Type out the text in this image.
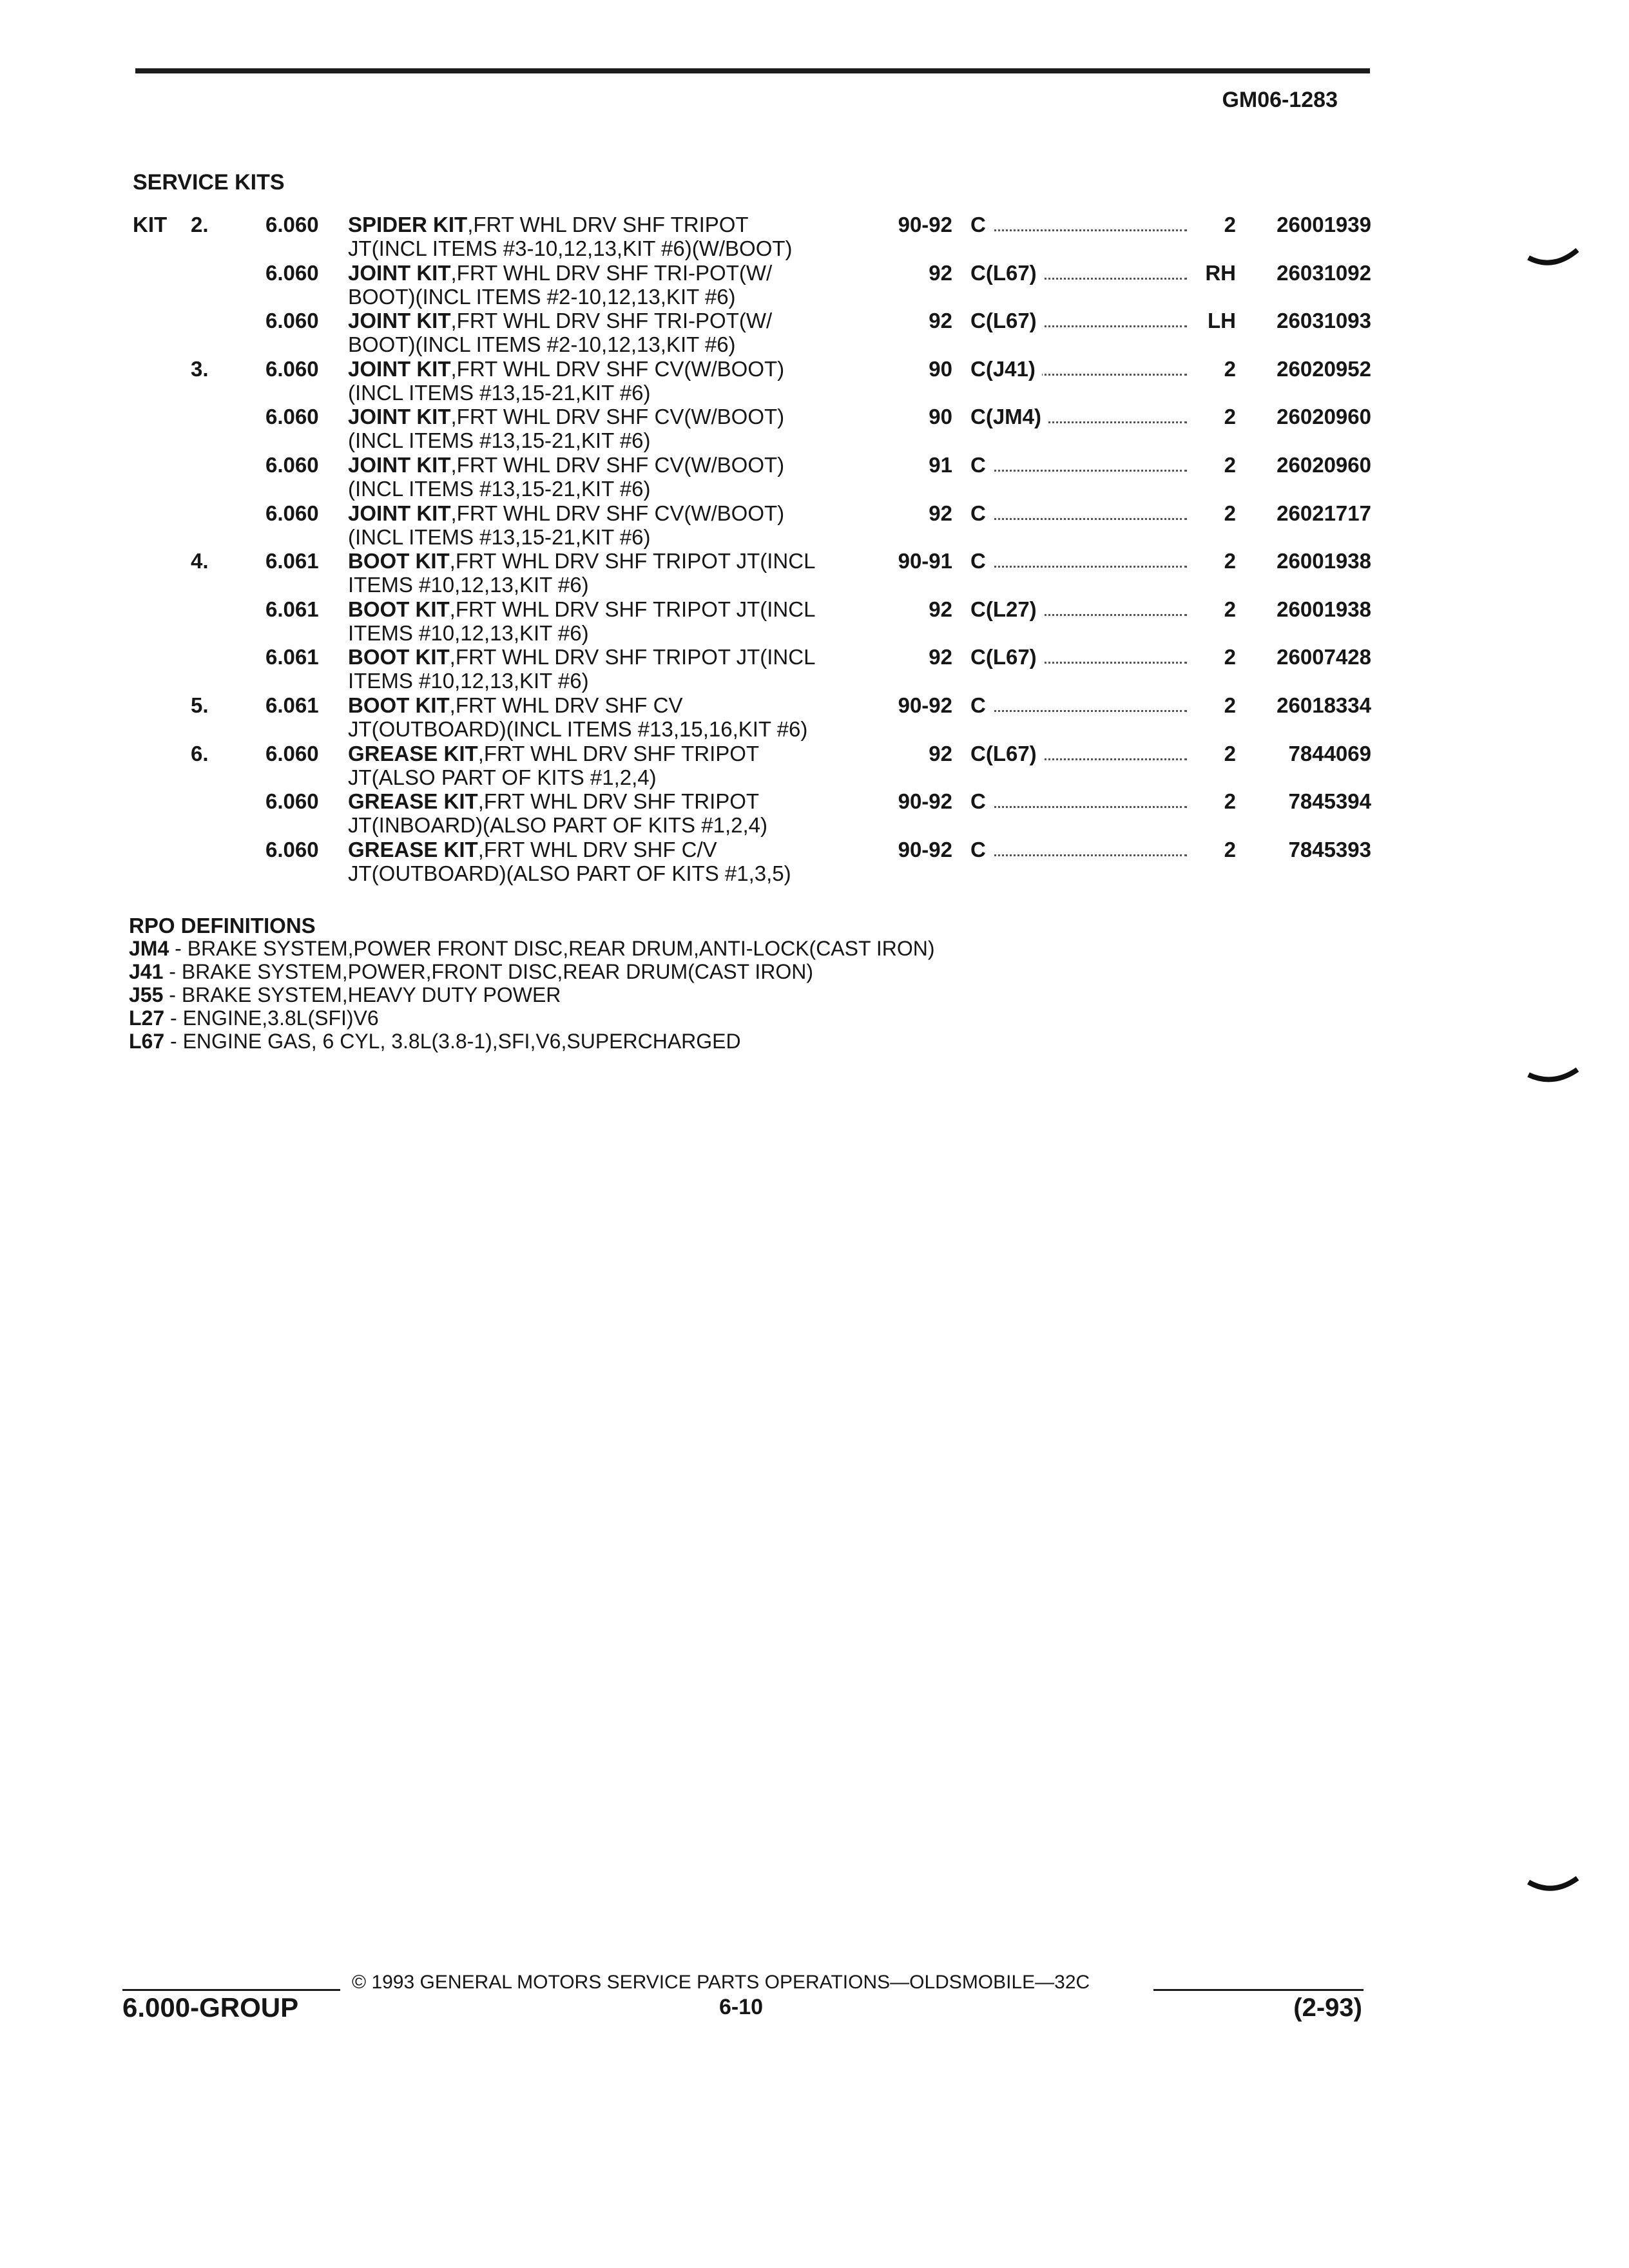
GM06-1283
SERVICE KITS
KIT 2.	6.060 SPIDER KIT,FRT WHL DRV SHF TRIPOT
JT(INCL ITEMS #3-10,12,13,KIT #6)(W/BOOT)
90-92 C	2 26001939
6.060 JOINT KIT,FRT WHL DRV SHF TRI-POT(W/
BOOT)(INCL ITEMS #2-10,12,13,KIT #6)
92 C(L67)	RH 26031092
6.060 JOINT KIT,FRT WHL DRV SHF TRI-POT(W/
BOOT)(INCL ITEMS #2-10,12,13,KIT #6)
92 C(L67)	LH 26031093
3.	6.060 JOINT KIT,FRT WHL DRV SHF CV(W/BOOT)
(INCL ITEMS #13,15-21,KIT #6)
90 C(J41)	2 26020952
6.060 JOINT KIT,FRT WHL DRV SHF CV(W/BOOT)
(INCL ITEMS #13,15-21,KIT #6)
90 C(JM4)	2 26020960
6.060 JOINT KIT,FRT WHL DRV SHF CV(W/BOOT)
(INCL ITEMS #13,15-21,KIT #6)
91 C	2 26020960
6.060 JOINT KIT,FRT WHL DRV SHF CV(W/BOOT)
(INCL ITEMS #13,15-21,KIT #6)
92 C	2 26021717
4.	6.061 BOOT KIT,FRT WHL DRV SHF TRIPOT JT(INCL
ITEMS #10,12,13,KIT #6)
90-91 C	2 26001938
6.061 BOOT KIT,FRT WHL DRV SHF TRIPOT JT(INCL
ITEMS #10,12,13,KIT #6)
92 C(L27)	2 26001938
6.061 BOOT KIT,FRT WHL DRV SHF TRIPOT JT(INCL
ITEMS #10,12,13,KIT #6)
92 C(L67)	2 26007428
5.	6.061 BOOT KIT,FRT WHL DRV SHF CV
JT(OUTBOARD)(INCL ITEMS #13,15,16,KIT #6)
90-92 C	2 26018334
6.	6.060 GREASE KIT,FRT WHL DRV SHF TRIPOT
JT(ALSO PART OF KITS #1,2,4)
92 C(L67)	2 7844069
6.060 GREASE KIT,FRT WHL DRV SHF TRIPOT
JT(INBOARD)(ALSO PART OF KITS #1,2,4)
90-92 C	2 7845394
6.060 GREASE KIT,FRT WHL DRV SHF C/V
JT(OUTBOARD)(ALSO PART OF KITS #1,3,5)
90-92 C	2 7845393
RPO DEFINITIONS
JM4 - BRAKE SYSTEM,POWER FRONT DISC,REAR DRUM,ANTI-LOCK(CAST IRON)
J41 - BRAKE SYSTEM,POWER,FRONT DISC,REAR DRUM(CAST IRON)
J55 - BRAKE SYSTEM,HEAVY DUTY POWER
L27 - ENGINE,3.8L(SFI)V6
L67 - ENGINE GAS, 6 CYL, 3.8L(3.8-1),SFI,V6,SUPERCHARGED
© 1993 GENERAL MOTORS SERVICE PARTS OPERATIONS—OLDSMOBILE—32C
6.000-GROUP	6-10	(2-93)
